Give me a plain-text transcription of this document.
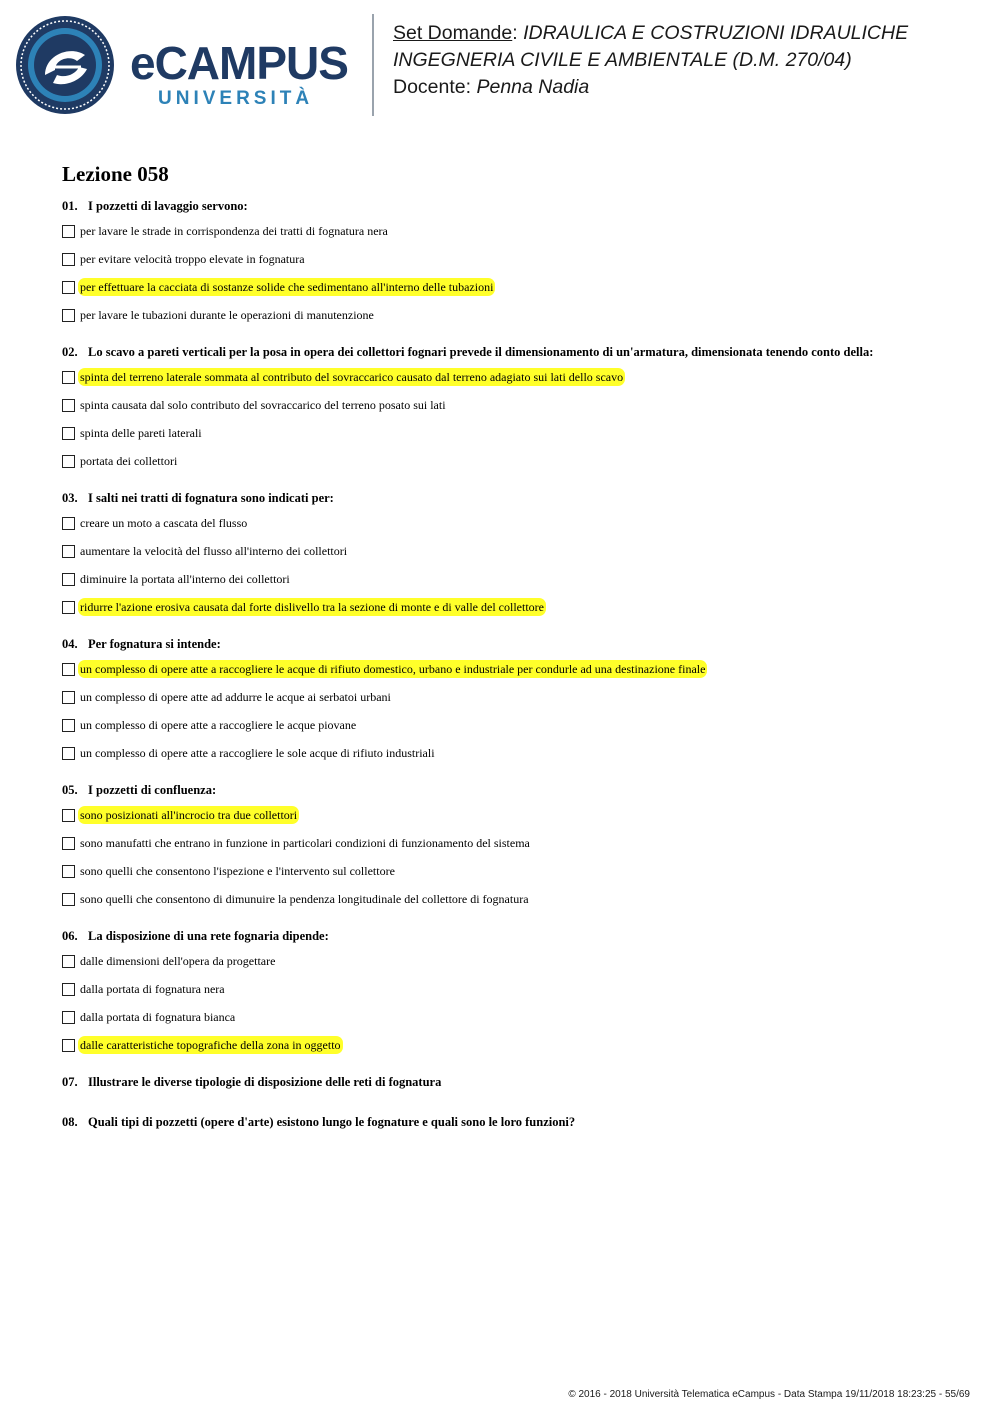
eCAMPUS
UNIVERSITÀ
Set Domande: IDRAULICA E COSTRUZIONI IDRAULICHE
INGEGNERIA CIVILE E AMBIENTALE (D.M. 270/04)
Docente: Penna Nadia
Lezione 058
01. I pozzetti di lavaggio servono:
per lavare le strade in corrispondenza dei tratti di fognatura nera
per evitare velocità troppo elevate in fognatura
per effettuare la cacciata di sostanze solide che sedimentano all'interno delle tubazioni
per lavare le tubazioni durante le operazioni di manutenzione
02. Lo scavo a pareti verticali per la posa in opera dei collettori fognari prevede il dimensionamento di un'armatura, dimensionata tenendo conto della:
spinta del terreno laterale sommata al contributo del sovraccarico causato dal terreno adagiato sui lati dello scavo
spinta causata dal solo contributo del sovraccarico del terreno posato sui lati
spinta delle pareti laterali
portata dei collettori
03. I salti nei tratti di fognatura sono indicati per:
creare un moto a cascata del flusso
aumentare la velocità del flusso all'interno dei collettori
diminuire la portata all'interno dei collettori
ridurre l'azione erosiva causata dal forte dislivello tra la sezione di monte e di valle del collettore
04. Per fognatura si intende:
un complesso di opere atte a raccogliere le acque di rifiuto domestico, urbano e industriale per condurle ad una destinazione finale
un complesso di opere atte ad addurre le acque ai serbatoi urbani
un complesso di opere atte a raccogliere le acque piovane
un complesso di opere atte a raccogliere le sole acque di rifiuto industriali
05. I pozzetti di confluenza:
sono posizionati all'incrocio tra due collettori
sono manufatti che entrano in funzione in particolari condizioni di funzionamento del sistema
sono quelli che consentono l'ispezione e l'intervento sul collettore
sono quelli che consentono di dimunuire la pendenza longitudinale del collettore di fognatura
06. La disposizione di una rete fognaria dipende:
dalle dimensioni dell'opera da progettare
dalla portata di fognatura nera
dalla portata di fognatura bianca
dalle caratteristiche topografiche della zona in oggetto
07. Illustrare le diverse tipologie di disposizione delle reti di fognatura
08. Quali tipi di pozzetti (opere d'arte) esistono lungo le fognature e quali sono le loro funzioni?
© 2016 - 2018 Università Telematica eCampus - Data Stampa 19/11/2018 18:23:25 - 55/69
